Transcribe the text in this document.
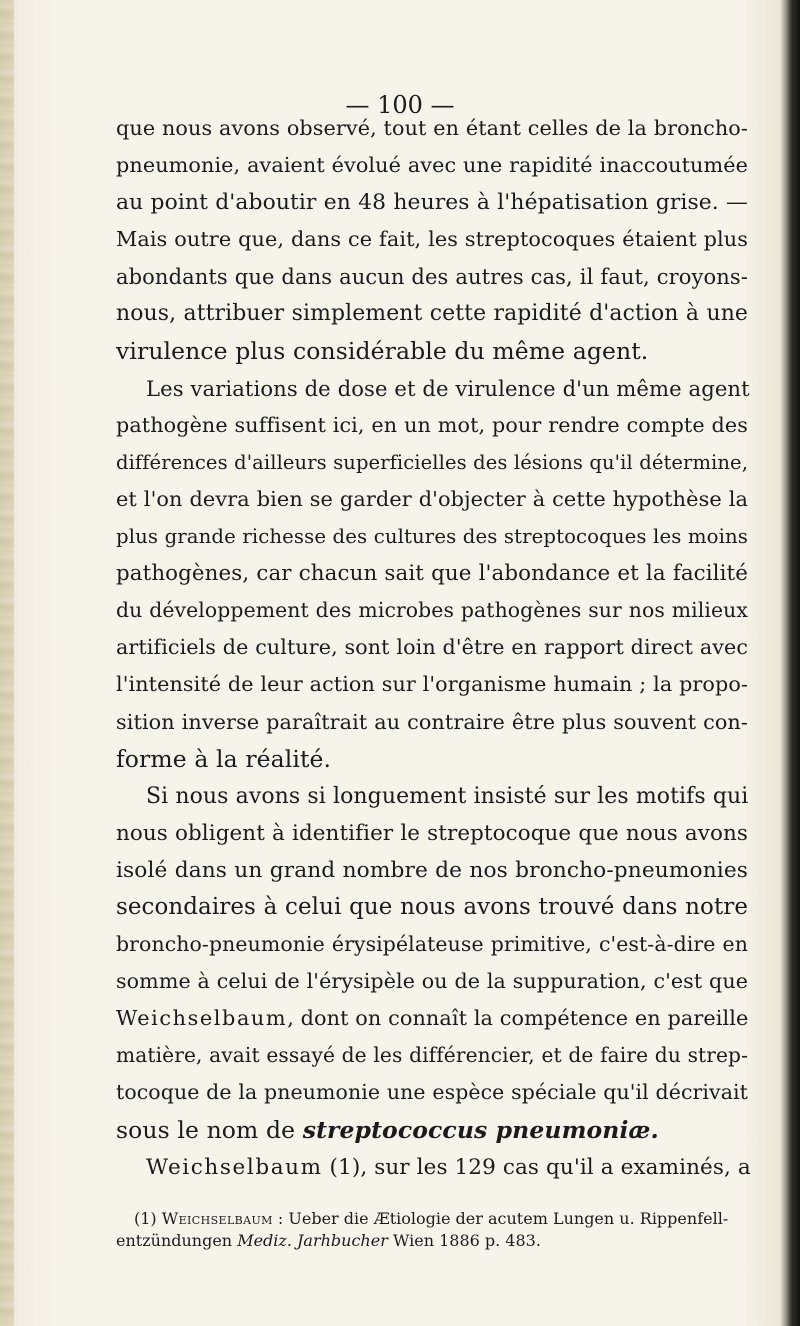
— 100 —
que nous avons observé, tout en étant celles de la broncho-
pneumonie, avaient évolué avec une rapidité inaccoutumée
au point d'aboutir en 48 heures à l'hépatisation grise. —
Mais outre que, dans ce fait, les streptocoques étaient plus
abondants que dans aucun des autres cas, il faut, croyons-
nous, attribuer simplement cette rapidité d'action à une
virulence plus considérable du même agent.
Les variations de dose et de virulence d'un même agent
pathogène suffisent ici, en un mot, pour rendre compte des
différences d'ailleurs superficielles des lésions qu'il détermine,
et l'on devra bien se garder d'objecter à cette hypothèse la
plus grande richesse des cultures des streptocoques les moins
pathogènes, car chacun sait que l'abondance et la facilité
du développement des microbes pathogènes sur nos milieux
artificiels de culture, sont loin d'être en rapport direct avec
l'intensité de leur action sur l'organisme humain ; la propo-
sition inverse paraîtrait au contraire être plus souvent con-
forme à la réalité.
Si nous avons si longuement insisté sur les motifs qui
nous obligent à identifier le streptocoque que nous avons
isolé dans un grand nombre de nos broncho-pneumonies
secondaires à celui que nous avons trouvé dans notre
broncho-pneumonie érysipélateuse primitive, c'est-à-dire en
somme à celui de l'érysipèle ou de la suppuration, c'est que
Weichselbaum, dont on connaît la compétence en pareille
matière, avait essayé de les différencier, et de faire du strep-
tocoque de la pneumonie une espèce spéciale qu'il décrivait
sous le nom de streptococcus pneumoniæ.
Weichselbaum (1), sur les 129 cas qu'il a examinés, a
(1) Weichselbaum : Ueber die Ætiologie der acutem Lungen u. Rippenfell-
entzündungen Mediz. Jarhbucher Wien 1886 p. 483.
